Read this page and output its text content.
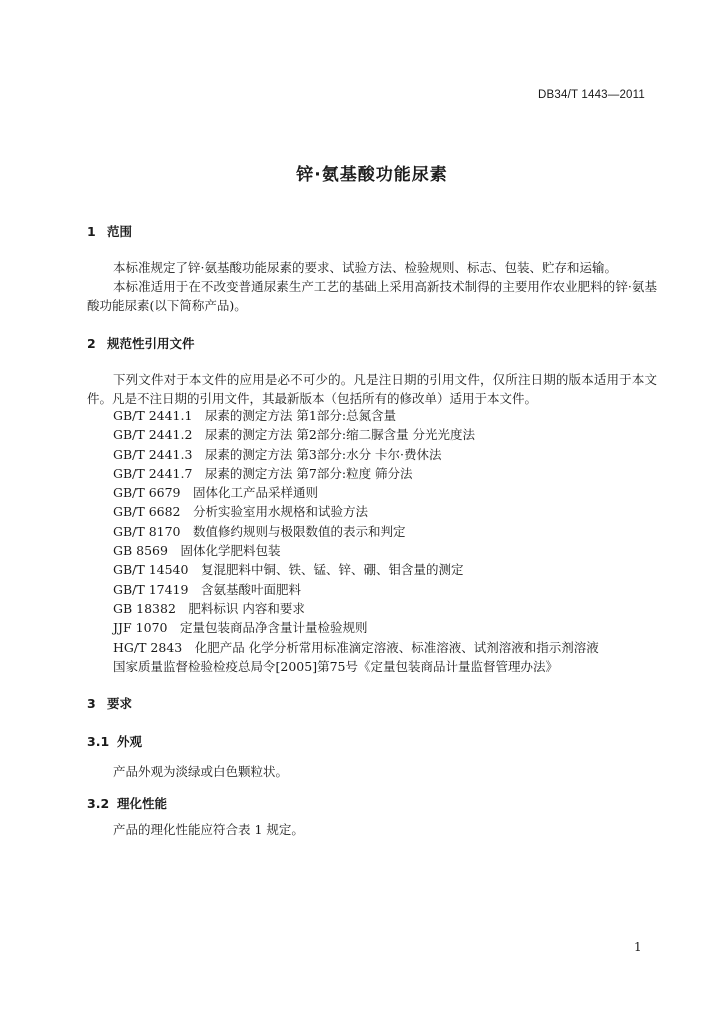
DB34/T 1443—2011
锌·氨基酸功能尿素
1 范围
本标准规定了锌·氨基酸功能尿素的要求、试验方法、检验规则、标志、包装、贮存和运输。
本标准适用于在不改变普通尿素生产工艺的基础上采用高新技术制得的主要用作农业肥料的锌·氨基酸功能尿素(以下简称产品)。
2 规范性引用文件
下列文件对于本文件的应用是必不可少的。凡是注日期的引用文件，仅所注日期的版本适用于本文件。凡是不注日期的引用文件，其最新版本（包括所有的修改单）适用于本文件。
GB/T 2441.1　尿素的测定方法 第1部分:总氮含量
GB/T 2441.2　尿素的测定方法 第2部分:缩二脲含量 分光光度法
GB/T 2441.3　尿素的测定方法 第3部分:水分 卡尔·费休法
GB/T 2441.7　尿素的测定方法 第7部分:粒度 筛分法
GB/T 6679　固体化工产品采样通则
GB/T 6682　分析实验室用水规格和试验方法
GB/T 8170　数值修约规则与极限数值的表示和判定
GB 8569　固体化学肥料包装
GB/T 14540　复混肥料中铜、铁、锰、锌、硼、钼含量的测定
GB/T 17419　含氨基酸叶面肥料
GB 18382　肥料标识 内容和要求
JJF 1070　定量包装商品净含量计量检验规则
HG/T 2843　化肥产品 化学分析常用标准滴定溶液、标准溶液、试剂溶液和指示剂溶液
国家质量监督检验检疫总局令[2005]第75号《定量包装商品计量监督管理办法》
3 要求
3.1 外观
产品外观为淡绿或白色颗粒状。
3.2 理化性能
产品的理化性能应符合表 1 规定。
1
